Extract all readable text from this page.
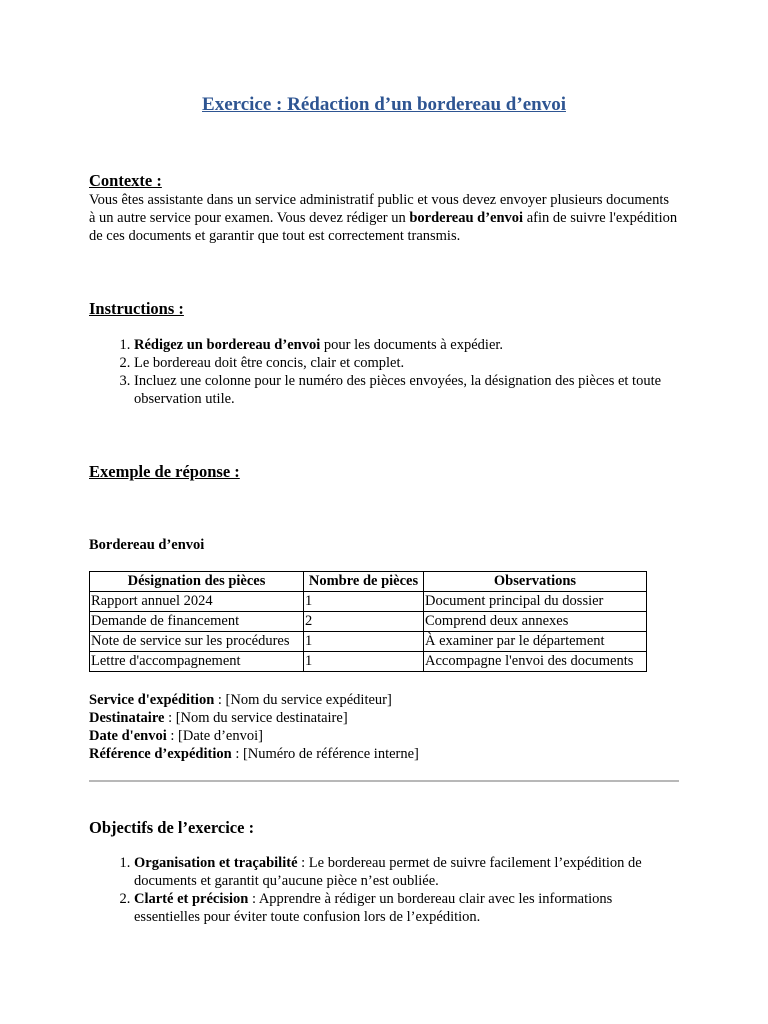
Exercice : Rédaction d’un bordereau d’envoi
Contexte :

Vous êtes assistante dans un service administratif public et vous devez envoyer plusieurs documents à un autre service pour examen. Vous devez rédiger un bordereau d’envoi afin de suivre l'expédition de ces documents et garantir que tout est correctement transmis.

Instructions :
1. Rédigez un bordereau d’envoi pour les documents à expédier.
2. Le bordereau doit être concis, clair et complet.
3. Incluez une colonne pour le numéro des pièces envoyées, la désignation des pièces et toute observation utile.
Exemple de réponse :

Bordereau d’envoi

Désignation des pièces	Nombre de pièces	Observations
Rapport annuel 2024	1	Document principal du dossier
Demande de financement	2	Comprend deux annexes
Note de service sur les procédures	1	À examiner par le département
Lettre d'accompagnement	1	Accompagne l'envoi des documents

Service d'expédition : [Nom du service expéditeur]

Destinataire : [Nom du service destinataire]

Date d'envoi : [Date d’envoi]

Référence d’expédition : [Numéro de référence interne]

Objectifs de l’exercice :
1. Organisation et traçabilité : Le bordereau permet de suivre facilement l’expédition de documents et garantit qu’aucune pièce n’est oubliée.
2. Clarté et précision : Apprendre à rédiger un bordereau clair avec les informations essentielles pour éviter toute confusion lors de l’expédition.
